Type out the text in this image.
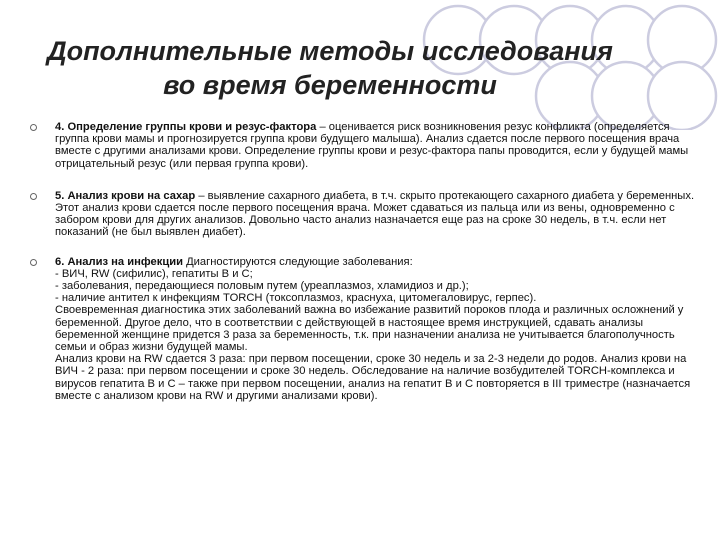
Дополнительные методы исследования
во время беременности

4. Определение группы крови и резус-фактора – оценивается риск возникновения резус конфликта (определяется группа крови мамы и прогнозируется группа крови будущего малыша). Анализ сдается после первого посещения врача вместе с другими анализами крови. Определение группы крови и резус-фактора папы проводится, если у будущей мамы отрицательный резус (или первая группа крови).

5. Анализ крови на сахар – выявление сахарного диабета, в т.ч. скрыто протекающего сахарного диабета у беременных. Этот анализ крови сдается после первого посещения врача. Может сдаваться из пальца или из вены, одновременно с забором крови для других анализов. Довольно часто анализ назначается еще раз на сроке 30 недель, в т.ч. если нет показаний (не был выявлен диабет).

6. Анализ на инфекции Диагностируются следующие заболевания:

- ВИЧ, RW (сифилис), гепатиты В и С;
- заболевания, передающиеся половым путем (уреаплазмоз, хламидиоз и др.);
- наличие антител к инфекциям TORCH (токсоплазмоз, краснуха, цитомегаловирус, герпес).
Своевременная диагностика этих заболеваний важна во избежание развитий пороков плода и различных осложнений у беременной. Другое дело, что в соответствии с действующей в настоящее время инструкцией, сдавать анализы беременной женщине придется 3 раза за беременность, т.к. при назначении анализа не учитывается благополучность семьи и образ жизни будущей мамы.
Анализ крови на RW сдается 3 раза: при первом посещении, сроке 30 недель и за 2-3 недели до родов. Анализ крови на ВИЧ - 2 раза: при первом посещении и сроке 30 недель. Обследование на наличие возбудителей TORCH-комплекса и вирусов гепатита В и С – также при первом посещении, анализ на гепатит В и С повторяется в III триместре (назначается вместе с анализом крови на RW и другими анализами крови).
